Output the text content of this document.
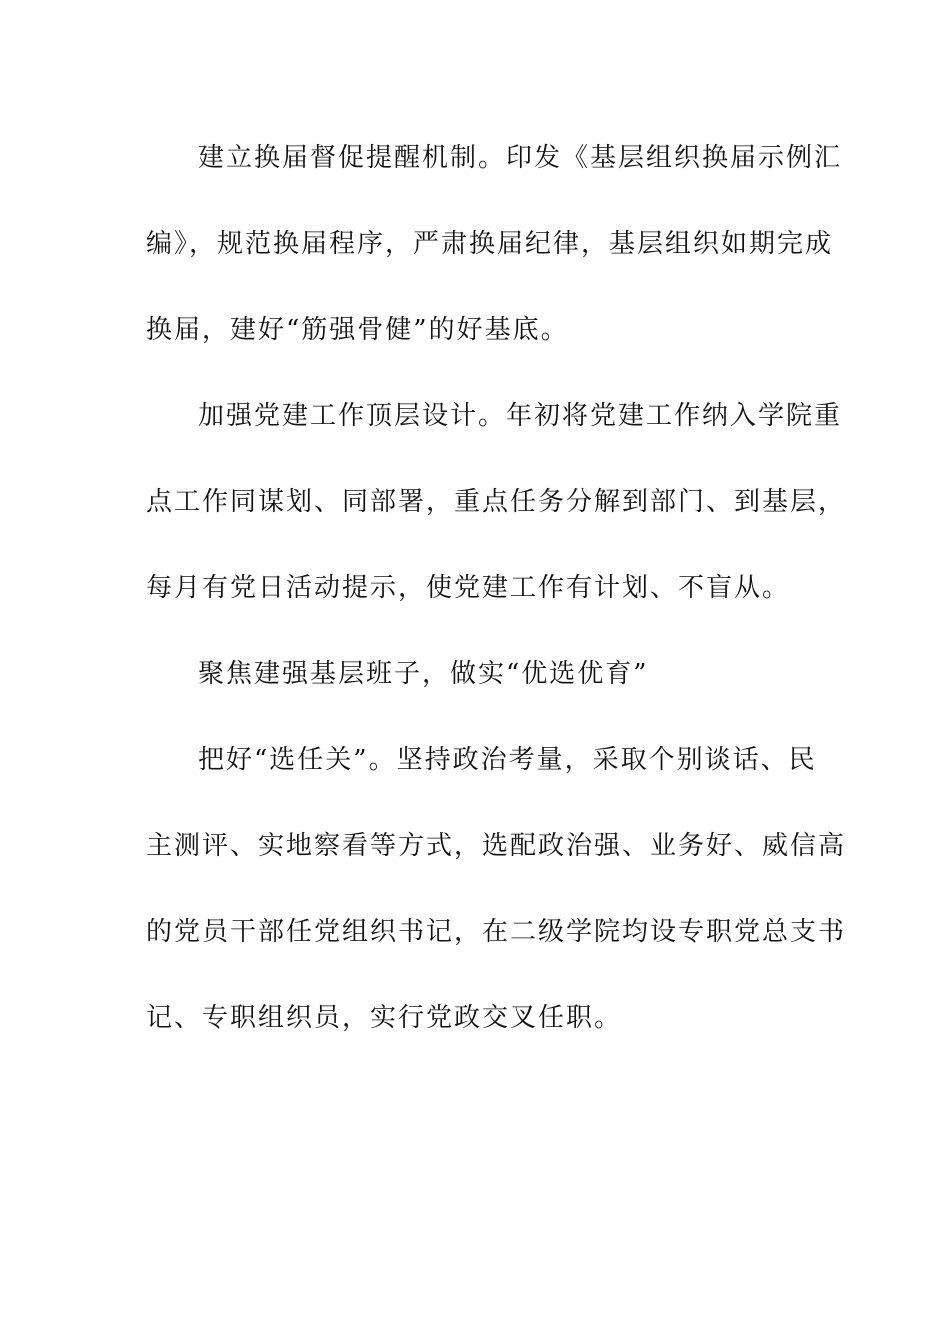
建立换届督促提醒机制。印发《基层组织换届示例汇
编》，规范换届程序，严肃换届纪律，基层组织如期完成
换届，建好“筋强骨健”的好基底。
加强党建工作顶层设计。年初将党建工作纳入学院重
点工作同谋划、同部署，重点任务分解到部门、到基层，
每月有党日活动提示，使党建工作有计划、不盲从。
聚焦建强基层班子，做实“优选优育”
把好“选任关”。坚持政治考量，采取个别谈话、民
主测评、实地察看等方式，选配政治强、业务好、威信高
的党员干部任党组织书记，在二级学院均设专职党总支书
记、专职组织员，实行党政交叉任职。
